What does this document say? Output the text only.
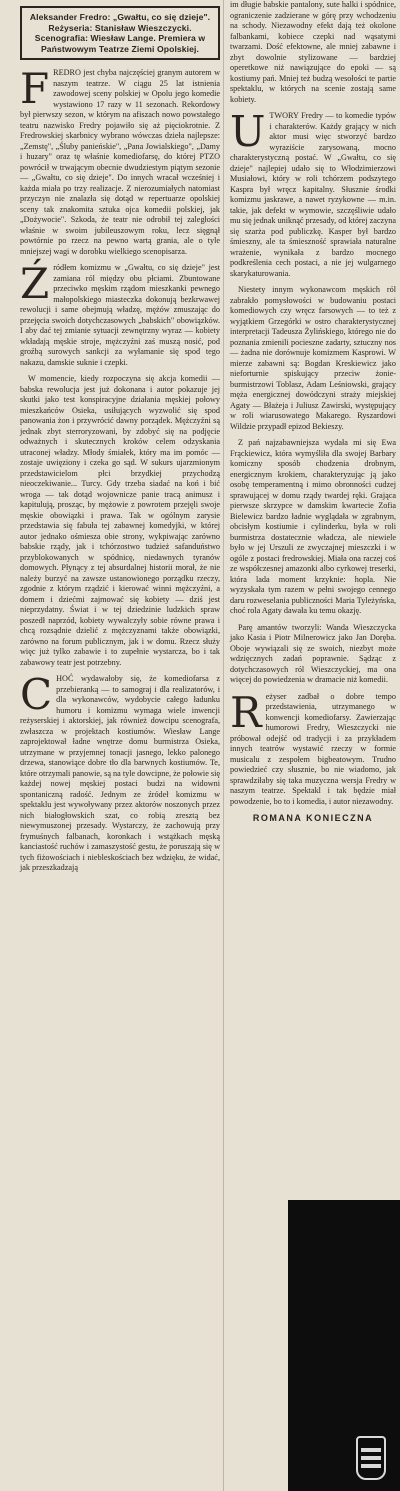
Aleksander Fredro: „Gwałtu, co się dzieje". Reżyseria: Stanisław Wieszczycki. Scenografia: Wiesław Lange. Premiera w Państwowym Teatrze Ziemi Opolskiej.
F REDRO jest chyba najczęściej granym autorem w naszym teatrze. W ciągu 25 lat istnienia zawodowej sceny polskiej w Opolu jego komedie wystawiono 17 razy w 11 sezonach. Rekordowy był pierwszy sezon, w którym na afiszach nowo powstałego teatru nazwisko Fredry pojawiło się aż pięciokrotnie. Z Fredrowskiej skarbnicy wybrano wówczas dzieła najlepsze: „Zemstę", „Śluby panieńskie", „Pana Jowialskiego", „Damy i huzary" oraz tę właśnie komediofarsę, do której PTZO powrócił w trwającym obecnie dwudziestym piątym sezonie — „Gwałtu, co się dzieje". Do innych wracał wcześniej i każda miała po trzy realizacje. Z nierozumiałych natomiast przyczyn nie znalazła się dotąd w repertuarze opolskiej sceny tak znakomita sztuka ojca komedii polskiej, jak „Dożywocie". Szkoda, że teatr nie odrobił tej zaległości właśnie w swoim jubileuszowym roku, lecz sięgnął powtórnie po rzecz na pewno wartą grania, ale o tyle mniejszej wagi w dorobku wielkiego scenopisarza.

Ź ródłem komizmu w „Gwałtu, co się dzieje" jest zamiana ról między obu płciami. Zbuntowane przeciwko męskim rządom mieszkanki pewnego małopolskiego miasteczka dokonują bezkrwawej rewolucji i same obejmują władzę, mężów zmuszając do przejęcia swoich dotychczasowych „babskich" obowiązków. I aby dać tej zmianie sytuacji zewnętrzny wyraz — kobiety wkładają męskie stroje, mężczyźni zaś muszą nosić, pod groźbą surowych sankcji za wyłamanie się spod tego nakazu, damskie suknie i czepki.

W momencie, kiedy rozpoczyna się akcja komedii — babska rewolucja jest już dokonana i autor pokazuje jej skutki jako test konspiracyjne działania męskiej połowy mieszkańców Osieka, usiłujących wyzwolić się spod panowania żon i przywrócić dawny porządek. Mężczyźni są jednak zbyt sterroryzowani, by zdobyć się na podjęcie odważnych i skutecznych kroków celem odzyskania utraconej władzy. Młody śmiałek, który ma im pomóc — zostaje uwięziony i czeka go sąd. W sukurs ujarzmionym przedstawicielom płci brzydkiej przychodzą nieoczekiwanie... Turcy. Gdy trzeba siadać na koń i bić wroga — tak dotąd wojownicze panie tracą animusz i kapitulują, prosząc, by mężowie z powrotem przejęli swoje męskie obowiązki i prawa. Tak w ogólnym zarysie przedstawia się fabuła tej zabawnej komedyjki, w której autor jednako ośmiesza obie strony, wykpiwając zarówno babskie rządy, jak i tchórzostwo tudzież safanduństwo przyblokowanych w spódnicę, niedawnych tyranów domowych. Płynący z tej absurdalnej historii morał, że nie należy burzyć na zawsze ustanowionego porządku rzeczy, zgodnie z którym rządzić i kierować winni mężczyźni, a domem i dziećmi zajmować się kobiety — dziś jest nieprzydatny. Świat i w tej dziedzinie ludzkich spraw poszedł naprzód, kobiety wywalczyły sobie równe prawa i chcą rozsądnie dzielić z mężczyznami także obowiązki, zarówno na forum publicznym, jak i w domu. Rzecz służy więc już tylko zabawie i to zupełnie wystarcza, bo i tak zabawowy teatr jest potrzebny.

C HOĆ wydawałoby się, że komediofarsa z przebieranką — to samograj i dla realizatorów, i dla wykonawców, wydobycie całego ładunku humoru i komizmu wymaga wiele inwencji reżyserskiej i aktorskiej, jak również dowcipu scenografa, zwłaszcza w projektach kostiumów. Wiesław Lange zaprojektował ładne wnętrze domu burmistrza Osieka, utrzymane w przyjemnej tonacji jasnego, lekko palonego drzewa, stanowiące dobre tło dla barwnych kostiumów. Te, które otrzymali panowie, są na tyle dowcipne, że połowie się każdej nowej męskiej postaci budzi na widowni spontaniczną radość. Jednym ze źródeł komizmu w spektaklu jest wywoływany przez aktorów noszonych przez nich białogłowskich szat, co robią zresztą bez niewymuszonej przesady. Wystarczy, że zachowują przy frymuśnych falbanach, koronkach i wstążkach męską kanciastość ruchów i zamaszystość gestu, że poruszają się w tych fiżowościach i niebleskościach bez wdzięku, że widać, jak przeszkadzają

im długie babskie pantalony, sute halki i spódnice, ograniczenie zadzierane w górę przy wchodzeniu na schody. Niezawodny efekt dają też okolone falbankami, kobiece czepki nad wąsatymi twarzami. Dość efektowne, ale mniej zabawne i zbyt dowolnie stylizowane — bardziej operetkowe niż nawiązujące do epoki — są kostiumy pań. Mniej też budzą wesołości te partie spektaklu, w których na scenie zostają same kobiety.

U TWORY Fredry — to komedie typów i charakterów. Każdy grający w nich aktor musi więc stworzyć bardzo wyraziście zarysowaną, mocno charakterystyczną postać. W „Gwałtu, co się dzieje" najlepiej udało się to Włodzimierzowi Musiałowi, który w roli tchórzem podszytego Kaspra był wręcz kapitalny. Słusznie środki komizmu jaskrawe, a nawet ryzykowne — m.in. takie, jak defekt w wymowie, szczęśliwie udało mu się jednak uniknąć przesady, od której zaczyna się szarża pod publiczkę. Kasper był bardzo śmieszny, ale ta śmieszność sprawiała naturalne wrażenie, wynikała z bardzo mocnego podkreślenia cech postaci, a nie jej wulgarnego skarykaturowania.

Niestety innym wykonawcom męskich ról zabrakło pomysłowości w budowaniu postaci komediowych czy wręcz farsowych — to też z wyjątkiem Grzegórki w ostro charakterystycznej interpretacji Tadeusza Żylińskiego, którego nie do poznania zmienili pocieszne zadarty, sztuczny nos — żadna nie dorównuje komizmem Kasprowi. W mierze zabawni są: Bogdan Kreskiewicz jako nieforturnie spiskujący przeciw żonie-burmistrzowi Toblasz, Adam Leśniowski, grający męża energicznej dowódczyni straży miejskiej Agaty — Błażeja i Juliusz Zawirski, występujący w roli wiarusowatego Makarego. Ryszardowi Wildzie przypadł epizod Bekieszy.

Z pań najzabawniejsza wydała mi się Ewa Frąckiewicz, która wymyśliła dla swojej Barbary komiczny sposób chodzenia drobnym, energicznym krokiem, charakteryzując ją jako osobę temperamentną i mimo obronności cudzej sprawującej w domu rządy twardej ręki. Grająca pierwsze skrzypce w damskim kwartecie Zofia Bielewicz bardzo ładnie wyglądała w zgrabnym, obcisłym kostiumie i cylinderku, była w roli burmistrza dostatecznie władcza, ale niewiele było w jej Urszuli ze zwyczajnej mieszczki i w ogóle z postaci fredrowskiej. Miała ona raczej coś ze współczesnej amazonki albo cyrkowej treserki, która lada moment krzyknie: hopla. Nie wyzyskała tym razem w pełni swojego cennego daru rozweselania publiczności Maria Tyleżyńska, choć rola Agaty dawała ku temu okazję.

Parę amantów tworzyli: Wanda Wieszczycka jako Kasia i Piotr Milnerowicz jako Jan Doręba. Oboje wywiązali się ze swoich, niezbyt może wdzięcznych zadań poprawnie. Sądząc z dotychczasowych ról Wieszczyckiej, ma ona więcej do powiedzenia w dramacie niż komedii.

R eżyser zadbał o dobre tempo przedstawienia, utrzymanego w konwencji komediofarsy. Zawierzając humorowi Fredry, Wieszczycki nie próbował odejść od tradycji i za przykładem innych teatrów wystawić rzeczy w formie musicalu z zespołem bigbeatowym. Trudno powiedzieć czy słusznie, bo nie wiadomo, jak sprawdziłaby się taka muzyczna wersja Fredry w naszym teatrze. Spektakl i tak będzie miał powodzenie, bo to i komedia, i autor niezawodny.

ROMANA KONIECZNA
